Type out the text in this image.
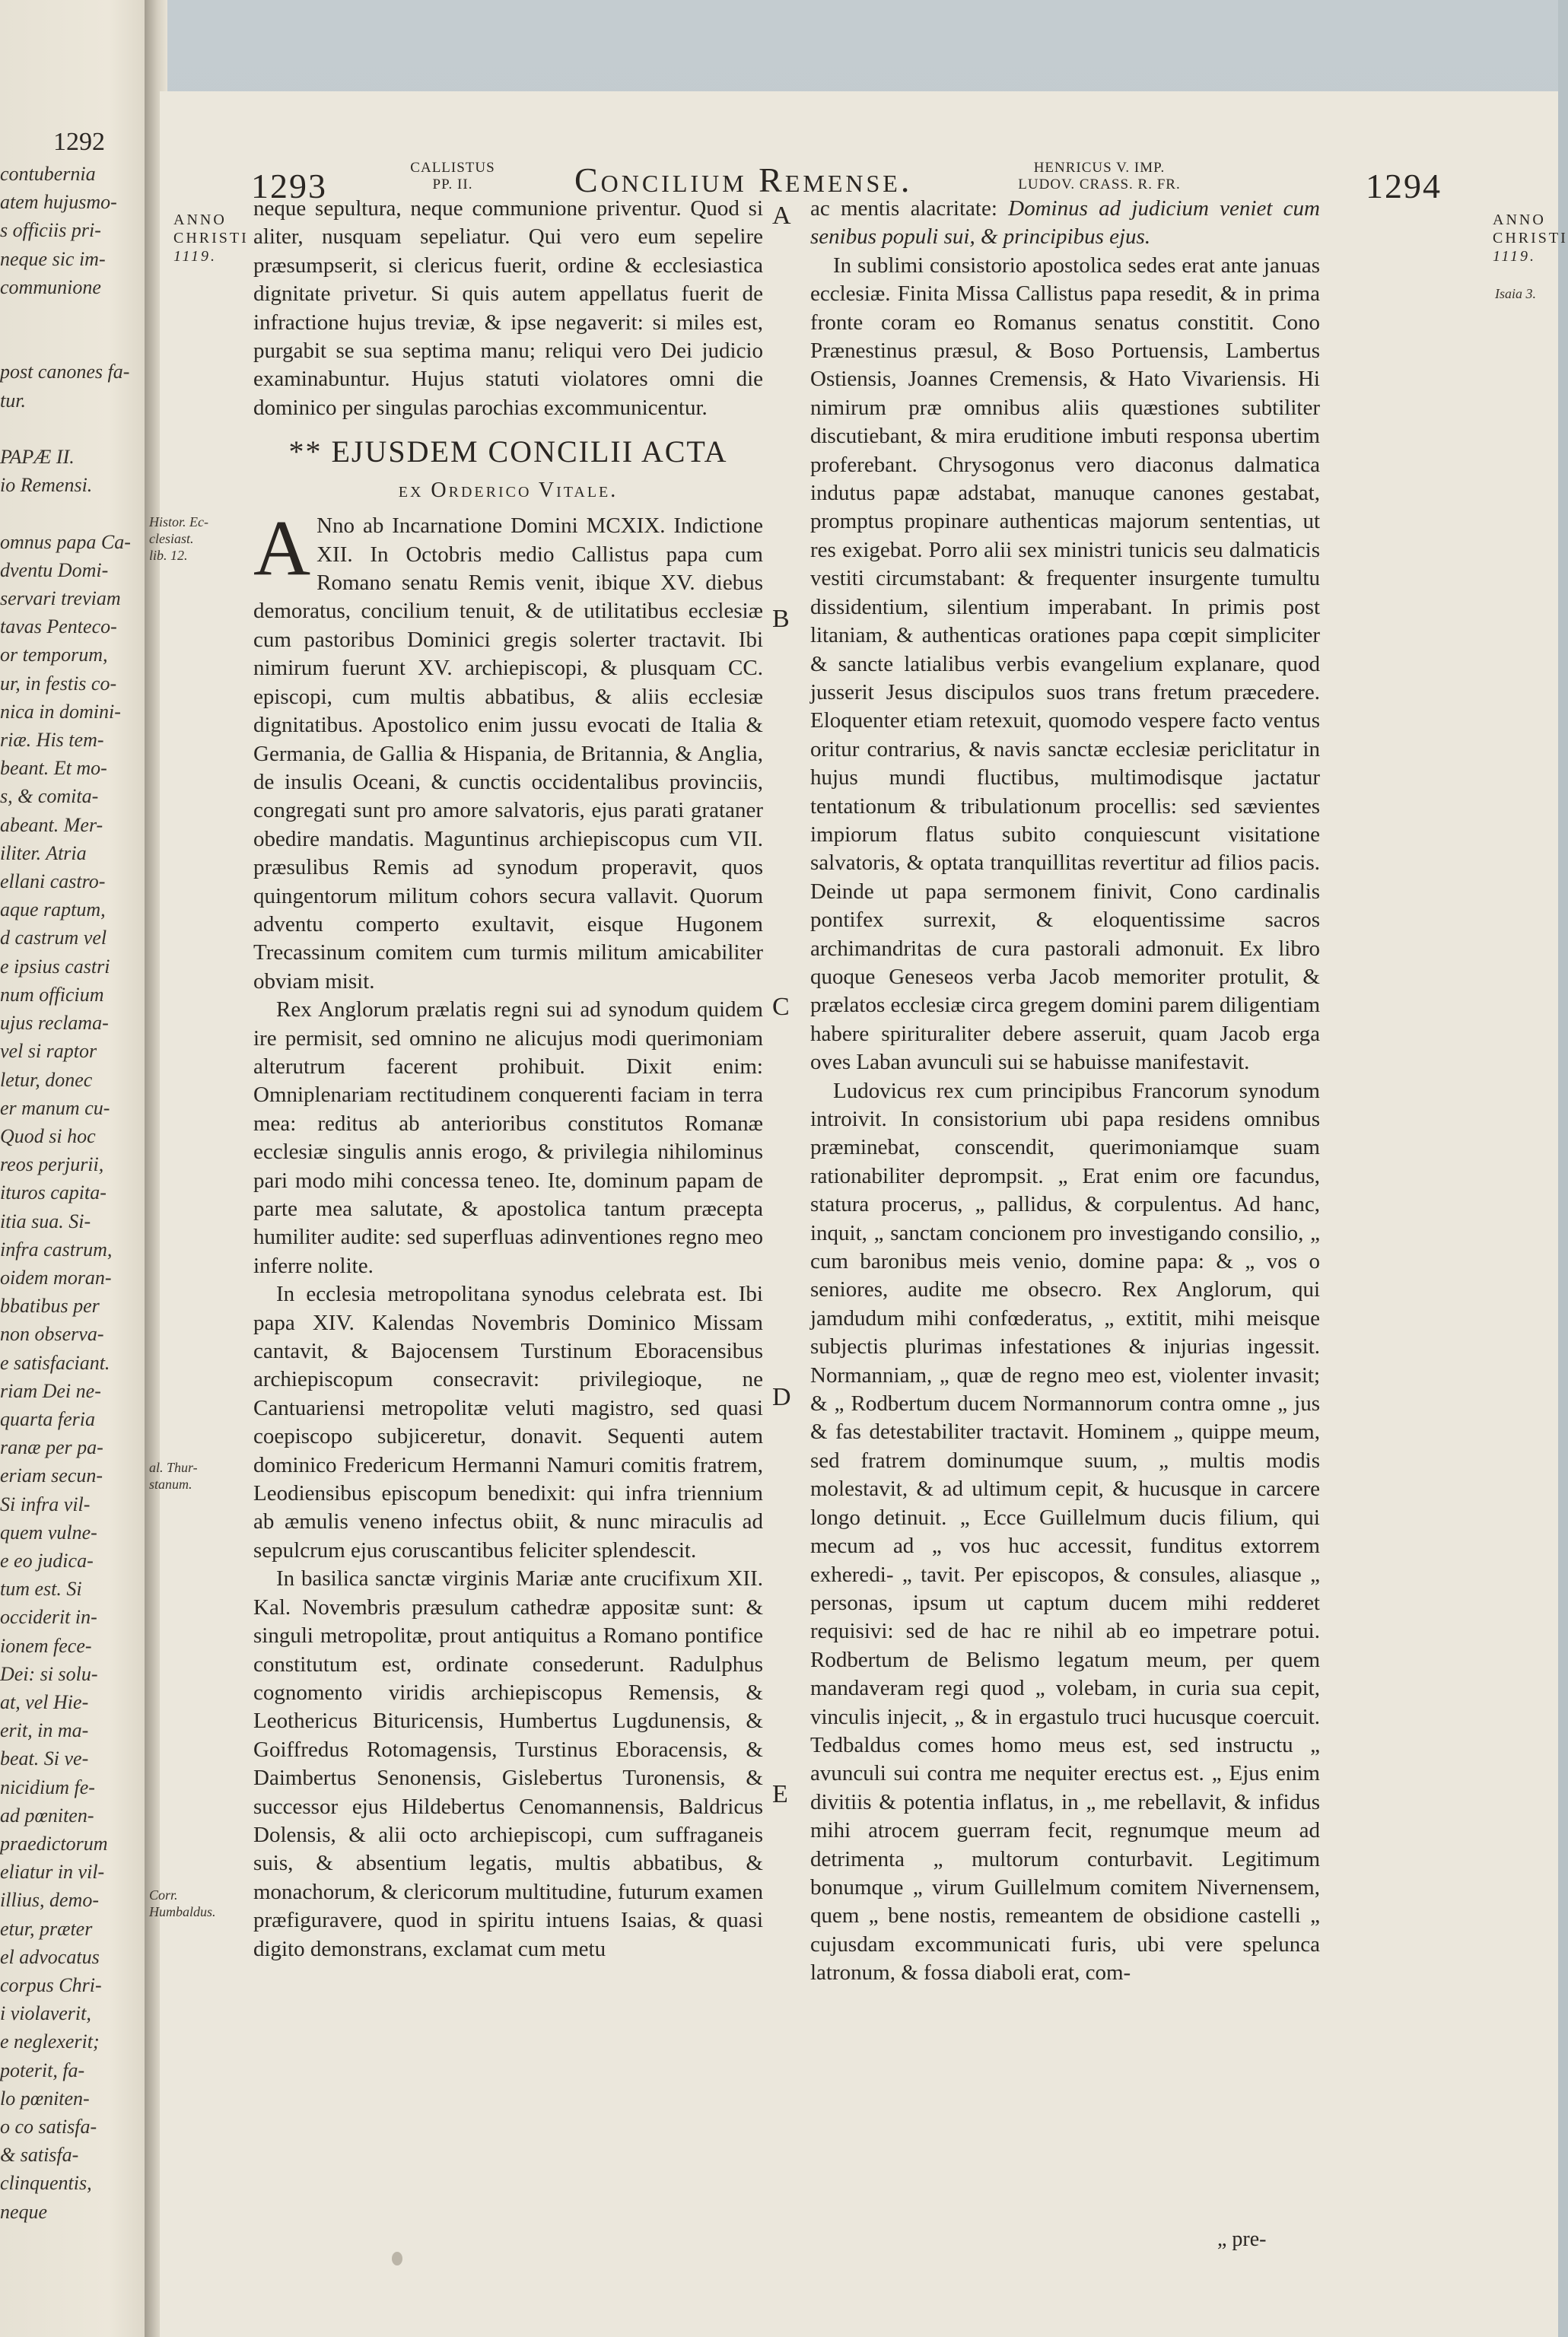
1292
contubernia
atem hujusmo-
s officiis pri-
neque sic im-
communione

post canones fa-
tur.

PAPÆ II.
io Remensi.

omnus papa Ca-
dventu Domi-
servari treviam
tavas Penteco-
or temporum,
ur, in festis co-
nica in domini-
riæ. His tem-
beant. Et mo-
s, & comita-
abeant. Mer-
iliter. Atria
ellani castro-
aque raptum,
d castrum vel
e ipsius castri
num officium
ujus reclama-
vel si raptor
letur, donec
er manum cu-
Quod si hoc
reos perjurii,
ituros capita-
itia sua. Si-
infra castrum,
oidem moran-
bbatibus per
non observa-
e satisfaciant.
riam Dei ne-
quarta feria
ranæ per pa-
eriam secun-
Si infra vil-
quem vulne-
e eo judica-
tum est. Si
occiderit in-
ionem fece-
Dei: si solu-
at, vel Hie-
erit, in ma-
beat. Si ve-
nicidium fe-
ad pœniten-
praedictorum
eliatur in vil-
illius, demo-
etur, præter
el advocatus
corpus Chri-
i violaverit,
e neglexerit;
poterit, fa-
lo pœniten-
o co satisfa-
& satisfa-
clinquentis,
neque
1293	CALLISTUS
PP. II.	Concilium Remense.	HENRICUS V. IMP.
LUDOV. CRASS. R. FR.	1294
ANNO
CHRISTI
1119.
ANNO
CHRISTI
1119.
Histor. Ec-
clesiast.
lib. 12.
al. Thur-
stanum.
Corr.
Humbaldus.
Isaia 3.
A
B
C
D
E

neque sepultura, neque communione priventur. Quod si aliter, nusquam sepeliatur. Qui vero eum sepelire præsumpserit, si clericus fuerit, ordine & ecclesiastica dignitate privetur. Si quis autem appellatus fuerit de infractione hujus treviæ, & ipse negaverit: si miles est, purgabit se sua septima manu; reliqui vero Dei judicio examinabuntur. Hujus statuti violatores omni die dominico per singulas parochias excommunicentur.

** EJUSDEM CONCILII ACTA
ex Orderico Vitale.

A Nno ab Incarnatione Domini MCXIX. Indictione XII. In Octobris medio Callistus papa cum Romano senatu Remis venit, ibique XV. diebus demoratus, concilium tenuit, & de utilitatibus ecclesiæ cum pastoribus Dominici gregis solerter tractavit. Ibi nimirum fuerunt XV. archiepiscopi, & plusquam CC. episcopi, cum multis abbatibus, & aliis ecclesiæ dignitatibus. Apostolico enim jussu evocati de Italia & Germania, de Gallia & Hispania, de Britannia, & Anglia, de insulis Oceani, & cunctis occidentalibus provinciis, congregati sunt pro amore salvatoris, ejus parati grataner obedire mandatis. Maguntinus archiepiscopus cum VII. præsulibus Remis ad synodum properavit, quos quingentorum militum cohors secura vallavit. Quorum adventu comperto exultavit, eisque Hugonem Trecassinum comitem cum turmis militum amicabiliter obviam misit.

Rex Anglorum prælatis regni sui ad synodum quidem ire permisit, sed omnino ne alicujus modi querimoniam alterutrum facerent prohibuit. Dixit enim: Omniplenariam rectitudinem conquerenti faciam in terra mea: reditus ab anterioribus constitutos Romanæ ecclesiæ singulis annis erogo, & privilegia nihilominus pari modo mihi concessa teneo. Ite, dominum papam de parte mea salutate, & apostolica tantum præcepta humiliter audite: sed superfluas adinventiones regno meo inferre nolite.

In ecclesia metropolitana synodus celebrata est. Ibi papa XIV. Kalendas Novembris Dominico Missam cantavit, & Bajocensem Turstinum Eboracensibus archiepiscopum consecravit: privilegioque, ne Cantuariensi metropolitæ veluti magistro, sed quasi coepiscopo subjiceretur, donavit. Sequenti autem dominico Fredericum Hermanni Namuri comitis fratrem, Leodiensibus episcopum benedixit: qui infra triennium ab æmulis veneno infectus obiit, & nunc miraculis ad sepulcrum ejus coruscantibus feliciter splendescit.

In basilica sanctæ virginis Mariæ ante crucifixum XII. Kal. Novembris præsulum cathedræ appositæ sunt: & singuli metropolitæ, prout antiquitus a Romano pontifice constitutum est, ordinate consederunt. Radulphus cognomento viridis archiepiscopus Remensis, & Leothericus Bituricensis, Humbertus Lugdunensis, & Goiffredus Rotomagensis, Turstinus Eboracensis, & Daimbertus Senonensis, Gislebertus Turonensis, & successor ejus Hildebertus Cenomannensis, Baldricus Dolensis, & alii octo archiepiscopi, cum suffraganeis suis, & absentium legatis, multis abbatibus, & monachorum, & clericorum multitudine, futurum examen præfiguravere, quod in spiritu intuens Isaias, & quasi digito demonstrans, exclamat cum metu

ac mentis alacritate: Dominus ad judicium veniet cum senibus populi sui, & principibus ejus.

In sublimi consistorio apostolica sedes erat ante januas ecclesiæ. Finita Missa Callistus papa resedit, & in prima fronte coram eo Romanus senatus constitit. Cono Prænestinus præsul, & Boso Portuensis, Lambertus Ostiensis, Joannes Cremensis, & Hato Vivariensis. Hi nimirum præ omnibus aliis quæstiones subtiliter discutiebant, & mira eruditione imbuti responsa ubertim proferebant. Chrysogonus vero diaconus dalmatica indutus papæ adstabat, manuque canones gestabat, promptus propinare authenticas majorum sententias, ut res exigebat. Porro alii sex ministri tunicis seu dalmaticis vestiti circumstabant: & frequenter insurgente tumultu dissidentium, silentium imperabant. In primis post litaniam, & authenticas orationes papa cœpit simpliciter & sancte latialibus verbis evangelium explanare, quod jusserit Jesus discipulos suos trans fretum præcedere. Eloquenter etiam retexuit, quomodo vespere facto ventus oritur contrarius, & navis sanctæ ecclesiæ periclitatur in hujus mundi fluctibus, multimodisque jactatur tentationum & tribulationum procellis: sed sævientes impiorum flatus subito conquiescunt visitatione salvatoris, & optata tranquillitas revertitur ad filios pacis. Deinde ut papa sermonem finivit, Cono cardinalis pontifex surrexit, & eloquentissime sacros archimandritas de cura pastorali admonuit. Ex libro quoque Geneseos verba Jacob memoriter protulit, & prælatos ecclesiæ circa gregem domini parem diligentiam habere spirituraliter debere asseruit, quam Jacob erga oves Laban avunculi sui se habuisse manifestavit.

Ludovicus rex cum principibus Francorum synodum introivit. In consistorium ubi papa residens omnibus præminebat, conscendit, querimoniamque suam rationabiliter deprompsit. „ Erat enim ore facundus, statura procerus, „ pallidus, & corpulentus. Ad hanc, inquit, „ sanctam concionem pro investigando consilio, „ cum baronibus meis venio, domine papa: & „ vos o seniores, audite me obsecro. Rex Anglorum, qui jamdudum mihi confœderatus, „ extitit, mihi meisque subjectis plurimas infestationes & injurias ingessit. Normanniam, „ quæ de regno meo est, violenter invasit; & „ Rodbertum ducem Normannorum contra omne „ jus & fas detestabiliter tractavit. Hominem „ quippe meum, sed fratrem dominumque suum, „ multis modis molestavit, & ad ultimum cepit, & hucusque in carcere longo detinuit. „ Ecce Guillelmum ducis filium, qui mecum ad „ vos huc accessit, funditus extorrem exheredi- „ tavit. Per episcopos, & consules, aliasque „ personas, ipsum ut captum ducem mihi redderet requisivi: sed de hac re nihil ab eo impetrare potui. Rodbertum de Belismo legatum meum, per quem mandaveram regi quod „ volebam, in curia sua cepit, vinculis injecit, „ & in ergastulo truci hucusque coercuit. Tedbaldus comes homo meus est, sed instructu „ avunculi sui contra me nequiter erectus est. „ Ejus enim divitiis & potentia inflatus, in „ me rebellavit, & infidus mihi atrocem guerram fecit, regnumque meum ad detrimenta „ multorum conturbavit. Legitimum bonumque „ virum Guillelmum comitem Nivernensem, quem „ bene nostis, remeantem de obsidione castelli „ cujusdam excommunicati furis, ubi vere spelunca latronum, & fossa diaboli erat, com-

„ pre-
